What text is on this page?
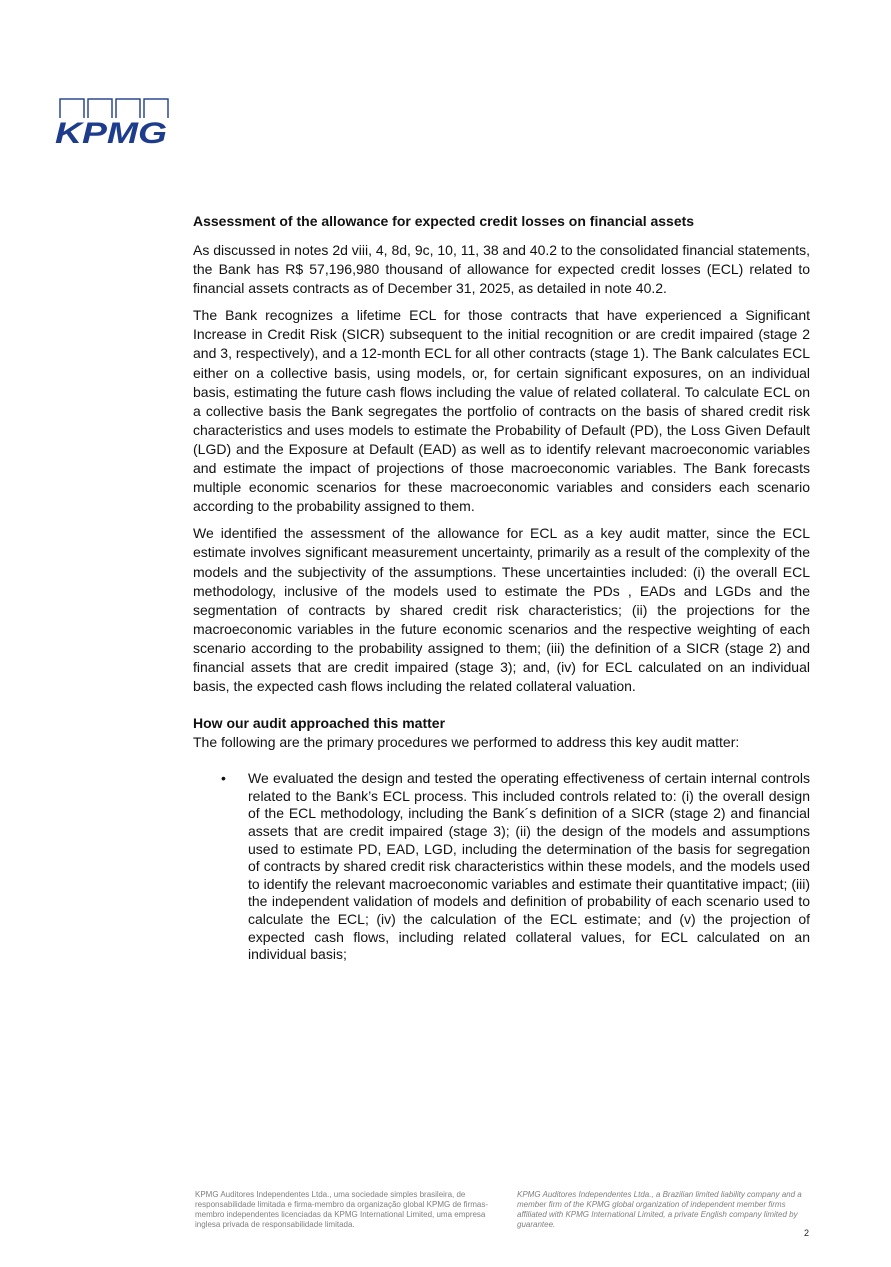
KPMG
Assessment of the allowance for expected credit losses on financial assets

As discussed in notes 2d viii, 4, 8d, 9c, 10, 11, 38 and 40.2 to the consolidated financial statements, the Bank has R$ 57,196,980 thousand of allowance for expected credit losses (ECL) related to financial assets contracts as of December 31, 2025, as detailed in note 40.2.

The Bank recognizes a lifetime ECL for those contracts that have experienced a Significant Increase in Credit Risk (SICR) subsequent to the initial recognition or are credit impaired (stage 2 and 3, respectively), and a 12-month ECL for all other contracts (stage 1). The Bank calculates ECL either on a collective basis, using models, or, for certain significant exposures, on an individual basis, estimating the future cash flows including the value of related collateral. To calculate ECL on a collective basis the Bank segregates the portfolio of contracts on the basis of shared credit risk characteristics and uses models to estimate the Probability of Default (PD), the Loss Given Default (LGD) and the Exposure at Default (EAD) as well as to identify relevant macroeconomic variables and estimate the impact of projections of those macroeconomic variables. The Bank forecasts multiple economic scenarios for these macroeconomic variables and considers each scenario according to the probability assigned to them.

We identified the assessment of the allowance for ECL as a key audit matter, since the ECL estimate involves significant measurement uncertainty, primarily as a result of the complexity of the models and the subjectivity of the assumptions. These uncertainties included: (i) the overall ECL methodology, inclusive of the models used to estimate the PDs , EADs and LGDs and the segmentation of contracts by shared credit risk characteristics; (ii) the projections for the macroeconomic variables in the future economic scenarios and the respective weighting of each scenario according to the probability assigned to them; (iii) the definition of a SICR (stage 2) and financial assets that are credit impaired (stage 3); and, (iv) for ECL calculated on an individual basis, the expected cash flows including the related collateral valuation.

How our audit approached this matter
The following are the primary procedures we performed to address this key audit matter:
• We evaluated the design and tested the operating effectiveness of certain internal controls related to the Bank’s ECL process. This included controls related to: (i) the overall design of the ECL methodology, including the Bank´s definition of a SICR (stage 2) and financial assets that are credit impaired (stage 3); (ii) the design of the models and assumptions used to estimate PD, EAD, LGD, including the determination of the basis for segregation of contracts by shared credit risk characteristics within these models, and the models used to identify the relevant macroeconomic variables and estimate their quantitative impact; (iii) the independent validation of models and definition of probability of each scenario used to calculate the ECL; (iv) the calculation of the ECL estimate; and (v) the projection of expected cash flows, including related collateral values, for ECL calculated on an individual basis;
KPMG Auditores Independentes Ltda., uma sociedade simples brasileira, de responsabilidade limitada e firma-membro da organização global KPMG de firmas-membro independentes licenciadas da KPMG International Limited, uma empresa inglesa privada de responsabilidade limitada.
KPMG Auditores Independentes Ltda., a Brazilian limited liability company and a member firm of the KPMG global organization of independent member firms affiliated with KPMG International Limited, a private English company limited by guarantee.
2
